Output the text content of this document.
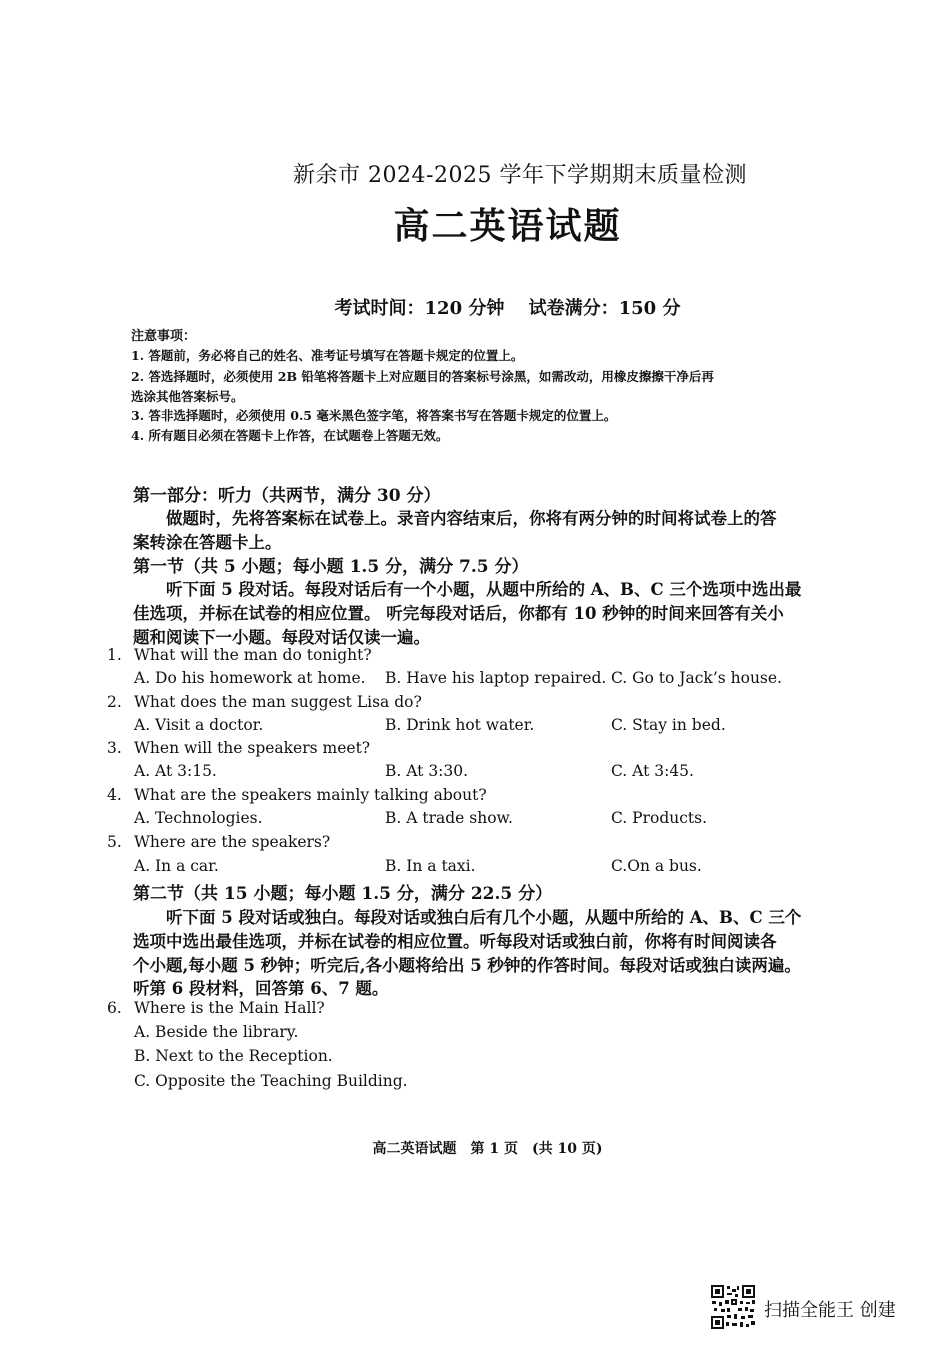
新余市 2024-2025 学年下学期期末质量检测
高二英语试题
考试时间：120 分钟　 试卷满分：150 分
注意事项：
1. 答题前，务必将自己的姓名、准考证号填写在答题卡规定的位置上。
2. 答选择题时，必须使用 2B 铅笔将答题卡上对应题目的答案标号涂黑，如需改动，用橡皮擦擦干净后再
选涂其他答案标号。
3. 答非选择题时，必须使用 0.5 毫米黑色签字笔，将答案书写在答题卡规定的位置上。
4. 所有题目必须在答题卡上作答，在试题卷上答题无效。
第一部分：听力（共两节，满分 30 分）
　　做题时，先将答案标在试卷上。录音内容结束后，你将有两分钟的时间将试卷上的答
案转涂在答题卡上。
第一节（共 5 小题；每小题 1.5 分，满分 7.5 分）
　　听下面 5 段对话。每段对话后有一个小题，从题中所给的 A、B、C 三个选项中选出最
佳选项，并标在试卷的相应位置。 听完每段对话后，你都有 10 秒钟的时间来回答有关小
题和阅读下一小题。每段对话仅读一遍。
1. What will the man do tonight?
A. Do his homework at home. B. Have his laptop repaired. C. Go to Jack’s house.
2. What does the man suggest Lisa do?
A. Visit a doctor.	B. Drink hot water.	C. Stay in bed.
3. When will the speakers meet?
A. At 3:15.	B. At 3:30.	C. At 3:45.
4. What are the speakers mainly talking about?
A. Technologies.	B. A trade show.	C. Products.
5. Where are the speakers?
A. In a car.	B. In a taxi.	C.On a bus.
第二节（共 15 小题；每小题 1.5 分，满分 22.5 分）
　　听下面 5 段对话或独白。每段对话或独白后有几个小题，从题中所给的 A、B、C 三个
选项中选出最佳选项，并标在试卷的相应位置。听每段对话或独白前，你将有时间阅读各
个小题,每小题 5 秒钟；听完后,各小题将给出 5 秒钟的作答时间。每段对话或独白读两遍。
听第 6 段材料，回答第 6、7 题。
6. Where is the Main Hall?
A. Beside the library.
B. Next to the Reception.
C. Opposite the Teaching Building.
高二英语试题　第 1 页　(共 10 页)
扫描全能王 创建
